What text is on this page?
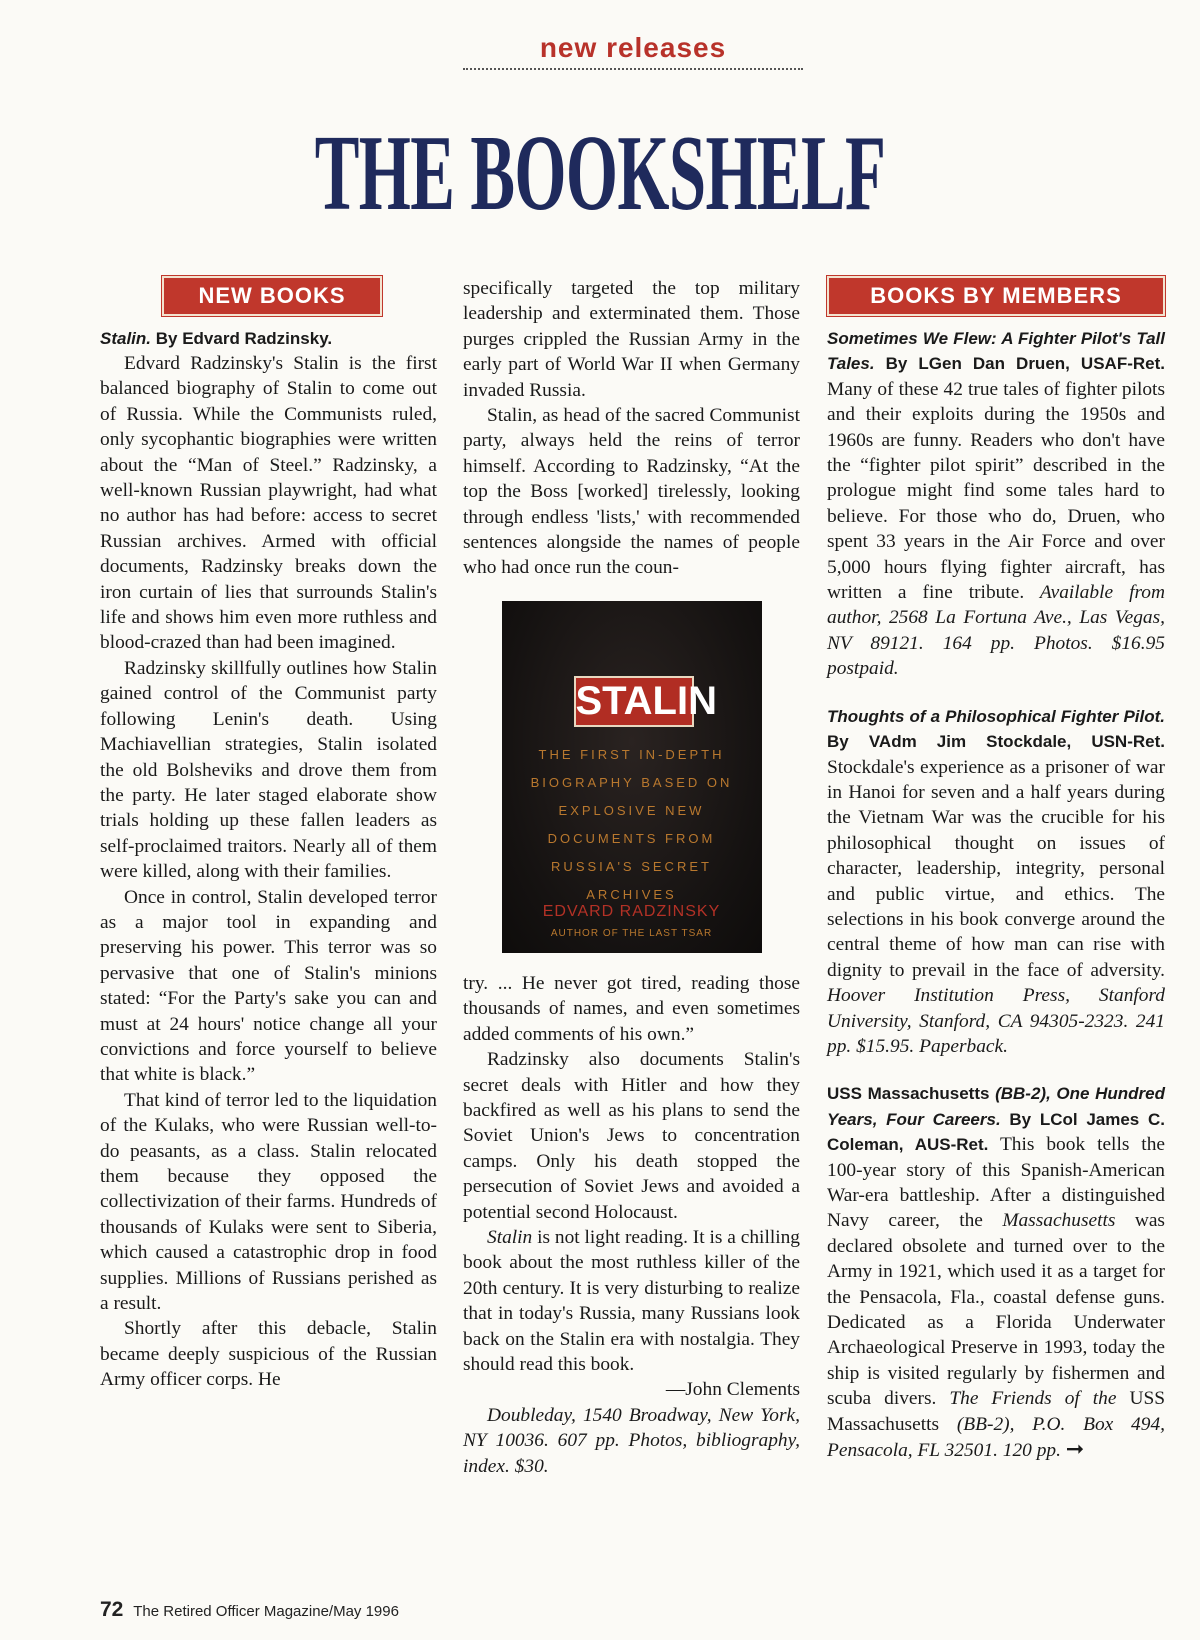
new releases
THE BOOKSHELF
NEW BOOKS
Stalin. By Edvard Radzinsky.

Edvard Radzinsky's Stalin is the first balanced biography of Stalin to come out of Russia. While the Communists ruled, only sycophantic biographies were written about the “Man of Steel.” Radzinsky, a well-known Russian playwright, had what no author has had before: access to secret Russian archives. Armed with official documents, Radzinsky breaks down the iron curtain of lies that surrounds Stalin's life and shows him even more ruthless and blood-crazed than had been imagined.

Radzinsky skillfully outlines how Stalin gained control of the Communist party following Lenin's death. Using Machiavellian strategies, Stalin isolated the old Bolsheviks and drove them from the party. He later staged elaborate show trials holding up these fallen leaders as self-proclaimed traitors. Nearly all of them were killed, along with their families.

Once in control, Stalin developed terror as a major tool in expanding and preserving his power. This terror was so pervasive that one of Stalin's minions stated: “For the Party's sake you can and must at 24 hours' notice change all your convictions and force yourself to believe that white is black.”

That kind of terror led to the liquidation of the Kulaks, who were Russian well-to-do peasants, as a class. Stalin relocated them because they opposed the collectivization of their farms. Hundreds of thousands of Kulaks were sent to Siberia, which caused a catastrophic drop in food supplies. Millions of Russians perished as a result.

Shortly after this debacle, Stalin became deeply suspicious of the Russian Army officer corps. He

specifically targeted the top military leadership and exterminated them. Those purges crippled the Russian Army in the early part of World War II when Germany invaded Russia.

Stalin, as head of the sacred Communist party, always held the reins of terror himself. According to Radzinsky, “At the top the Boss [worked] tirelessly, looking through endless 'lists,' with recommended sentences alongside the names of people who had once run the coun-

STALIN
THE FIRST IN-DEPTH
BIOGRAPHY BASED ON
EXPLOSIVE NEW
DOCUMENTS FROM
RUSSIA'S SECRET ARCHIVES
EDVARD RADZINSKY
AUTHOR OF THE LAST TSAR

try. ... He never got tired, reading those thousands of names, and even sometimes added comments of his own.”

Radzinsky also documents Stalin's secret deals with Hitler and how they backfired as well as his plans to send the Soviet Union's Jews to concentration camps. Only his death stopped the persecution of Soviet Jews and avoided a potential second Holocaust.

Stalin is not light reading. It is a chilling book about the most ruthless killer of the 20th century. It is very disturbing to realize that in today's Russia, many Russians look back on the Stalin era with nostalgia. They should read this book.

—John Clements

Doubleday, 1540 Broadway, New York, NY 10036. 607 pp. Photos, bibliography, index. $30.

BOOKS BY MEMBERS

Sometimes We Flew: A Fighter Pilot's Tall Tales. By LGen Dan Druen, USAF-Ret. Many of these 42 true tales of fighter pilots and their exploits during the 1950s and 1960s are funny. Readers who don't have the “fighter pilot spirit” described in the prologue might find some tales hard to believe. For those who do, Druen, who spent 33 years in the Air Force and over 5,000 hours flying fighter aircraft, has written a fine tribute. Available from author, 2568 La Fortuna Ave., Las Vegas, NV 89121. 164 pp. Photos. $16.95 postpaid.

Thoughts of a Philosophical Fighter Pilot. By VAdm Jim Stockdale, USN-Ret. Stockdale's experience as a prisoner of war in Hanoi for seven and a half years during the Vietnam War was the crucible for his philosophical thought on issues of character, leadership, integrity, personal and public virtue, and ethics. The selections in his book converge around the central theme of how man can rise with dignity to prevail in the face of adversity. Hoover Institution Press, Stanford University, Stanford, CA 94305-2323. 241 pp. $15.95. Paperback.

USS Massachusetts (BB-2), One Hundred Years, Four Careers. By LCol James C. Coleman, AUS-Ret. This book tells the 100-year story of this Spanish-American War-era battleship. After a distinguished Navy career, the Massachusetts was declared obsolete and turned over to the Army in 1921, which used it as a target for the Pensacola, Fla., coastal defense guns. Dedicated as a Florida Underwater Archaeological Preserve in 1993, today the ship is visited regularly by fishermen and scuba divers. The Friends of the USS Massachusetts (BB-2), P.O. Box 494, Pensacola, FL 32501. 120 pp. ➞

72 The Retired Officer Magazine/May 1996
